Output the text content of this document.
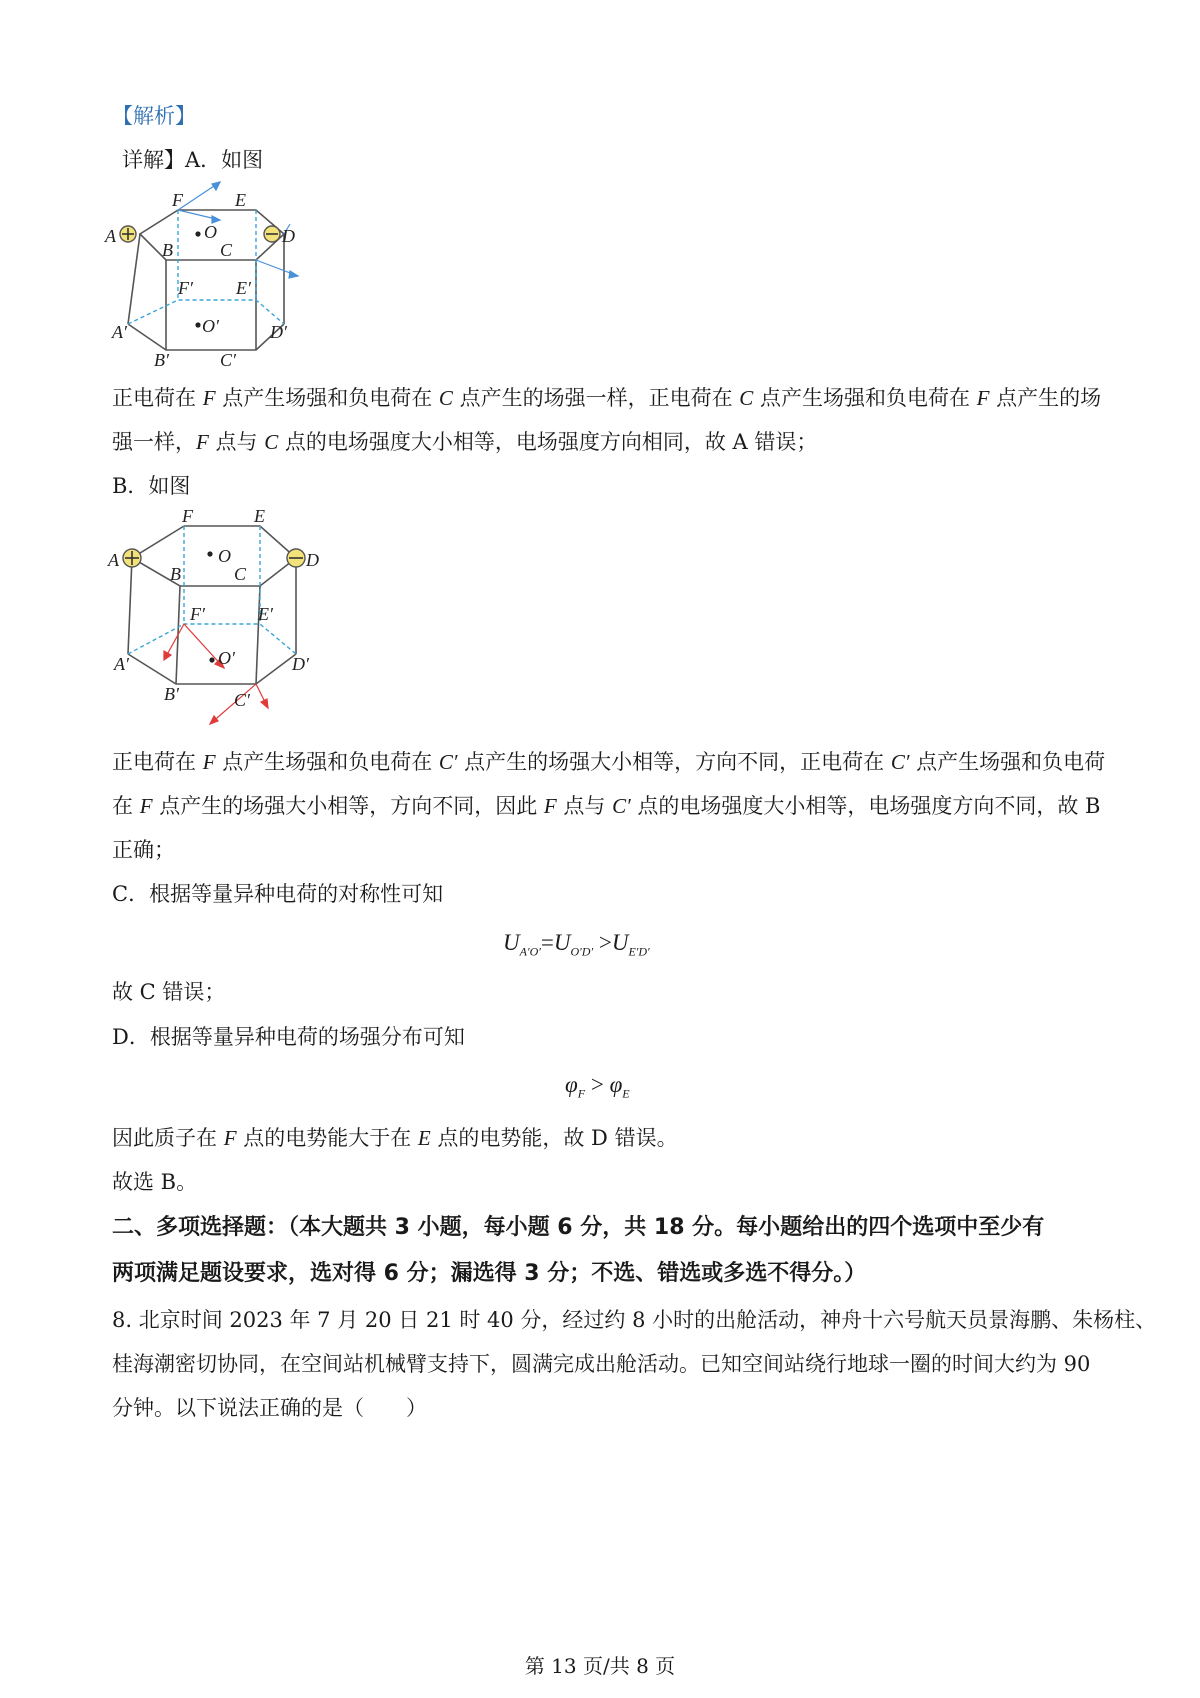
【解析】
详解】A．如图
F	E
A	D
B	C
O
F′ E′
A′	O′	D′
B′	C′
正电荷在 F 点产生场强和负电荷在 C 点产生的场强一样，正电荷在 C 点产生场强和负电荷在 F 点产生的场
强一样，F 点与 C 点的电场强度大小相等，电场强度方向相同，故 A 错误；
B．如图
F	E
A	D
B	C
O
F′	E′
A′	O′	D′
B′	C′
正电荷在 F 点产生场强和负电荷在 C′ 点产生的场强大小相等，方向不同，正电荷在 C′ 点产生场强和负电荷
在 F 点产生的场强大小相等，方向不同，因此 F 点与 C′ 点的电场强度大小相等，电场强度方向不同，故 B
正确；
C．根据等量异种电荷的对称性可知
$U_{A'O'}=U_{O'D'} >U_{E'D'}$
故 C 错误；
D．根据等量异种电荷的场强分布可知
$\varphi_F > \varphi_E$
因此质子在 F 点的电势能大于在 E 点的电势能，故 D 错误。
故选 B。
二、多项选择题：（本大题共 3 小题，每小题 6 分，共 18 分。每小题给出的四个选项中至少有
两项满足题设要求，选对得 6 分；漏选得 3 分；不选、错选或多选不得分。）
8. 北京时间 2023 年 7 月 20 日 21 时 40 分，经过约 8 小时的出舱活动，神舟十六号航天员景海鹏、朱杨柱、
桂海潮密切协同，在空间站机械臂支持下，圆满完成出舱活动。已知空间站绕行地球一圈的时间大约为 90
分钟。以下说法正确的是（　　）
第 13 页/共 8 页
